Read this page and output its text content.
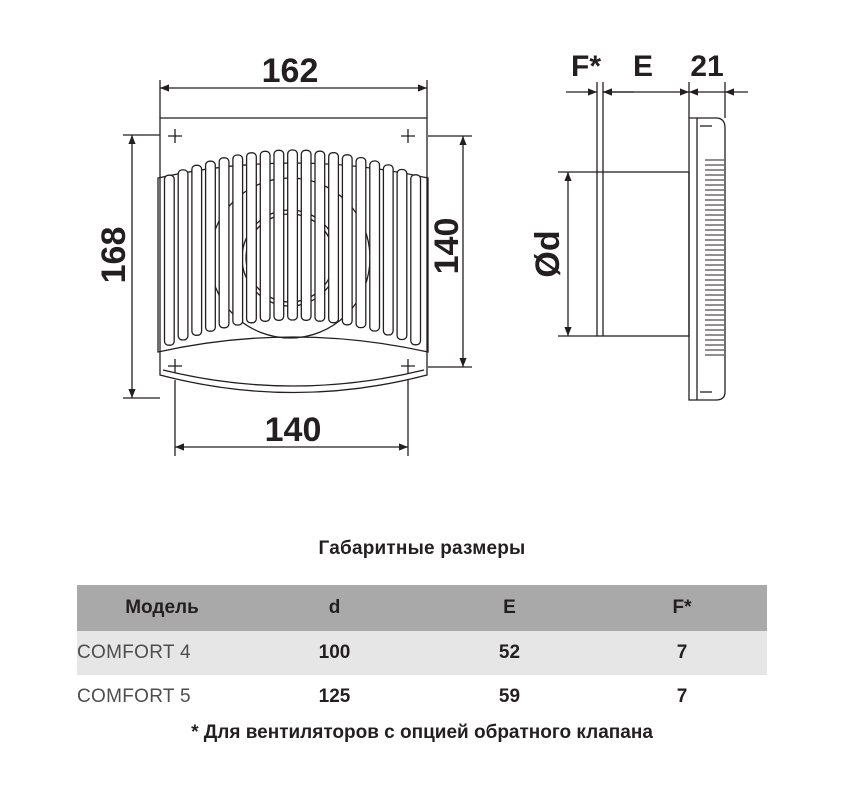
162
168	140
140
F* E 21
Ød
Габаритные размеры
Модель	d	E	F*
COMFORT 4	100	52	7
COMFORT 5	125	59	7
* Для вентиляторов с опцией обратного клапана
